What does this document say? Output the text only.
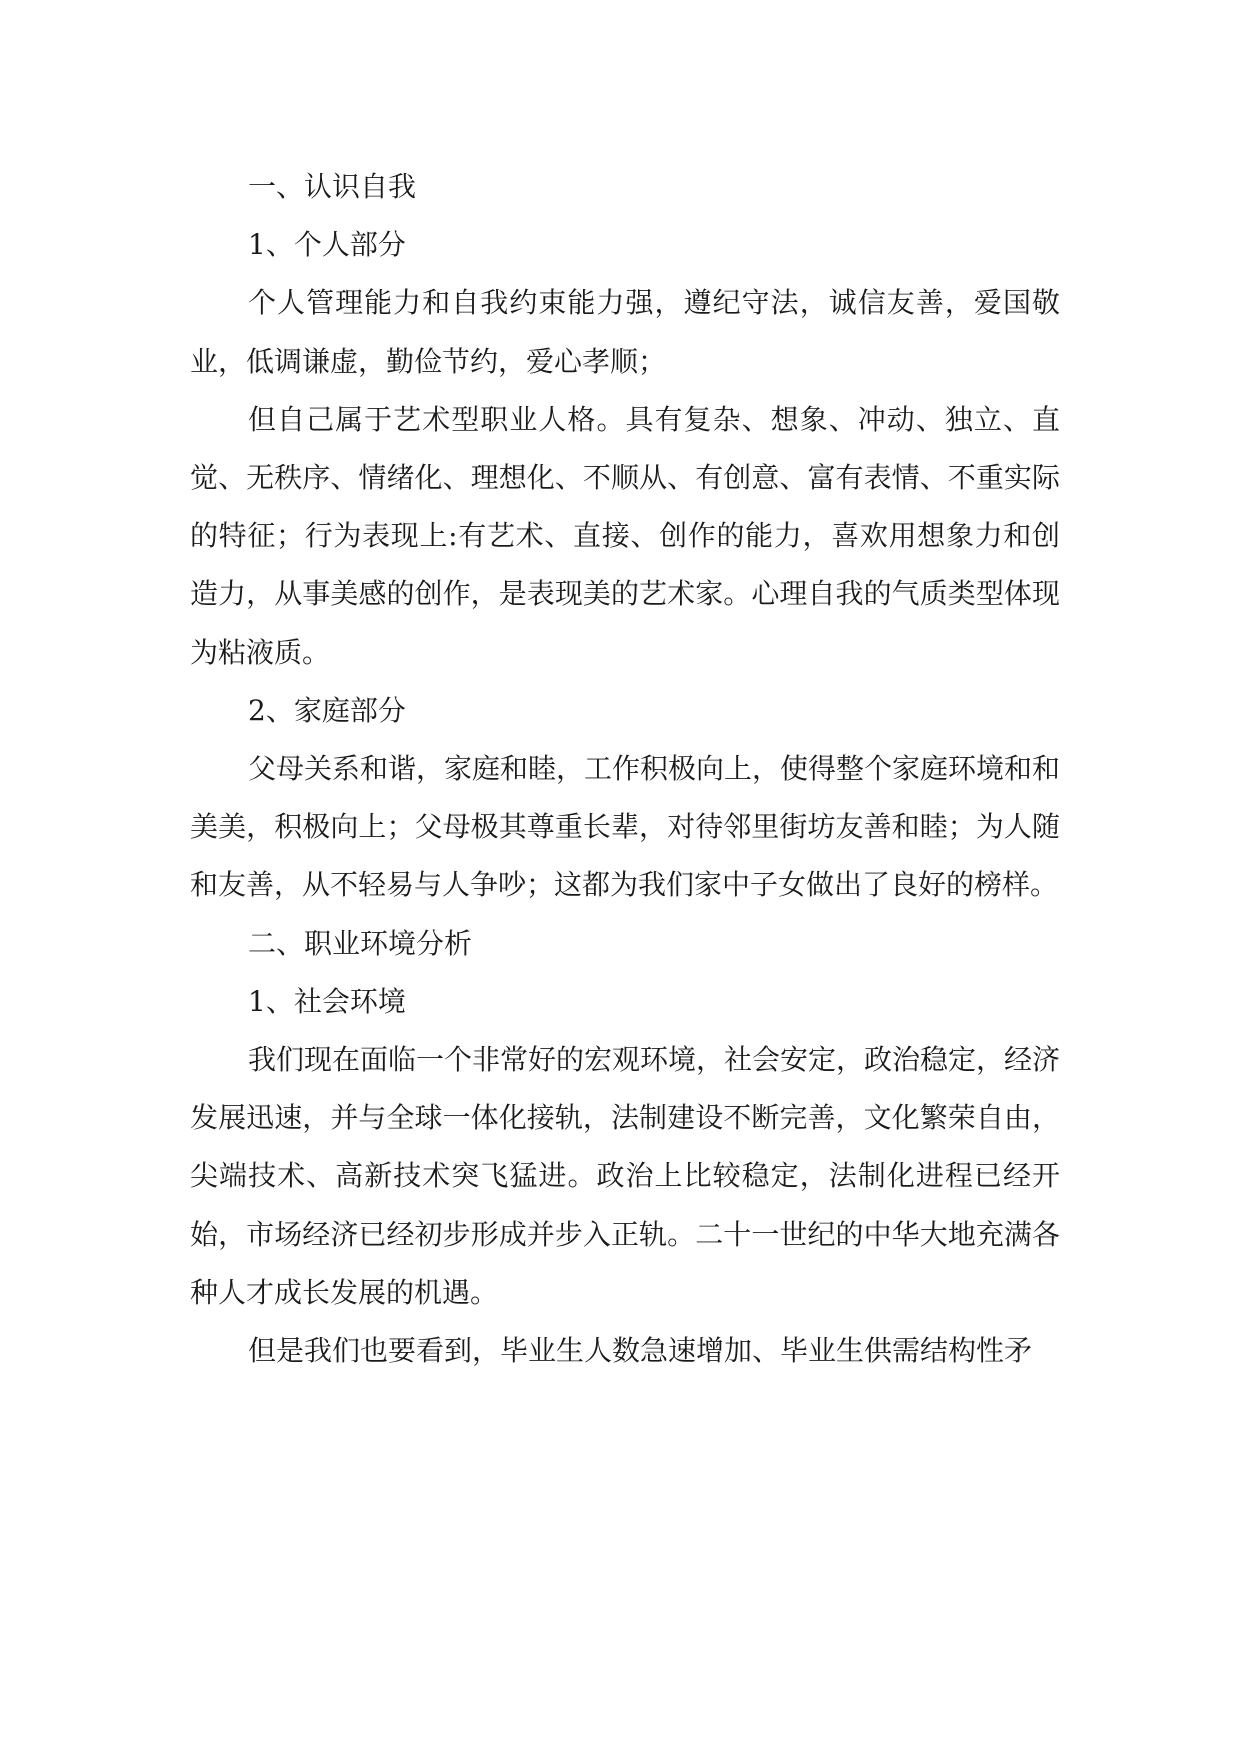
一、认识自我

1、个人部分

个人管理能力和自我约束能力强，遵纪守法，诚信友善，爱国敬业，低调谦虚，勤俭节约，爱心孝顺；

但自己属于艺术型职业人格。具有复杂、想象、冲动、独立、直觉、无秩序、情绪化、理想化、不顺从、有创意、富有表情、不重实际的特征；行为表现上:有艺术、直接、创作的能力，喜欢用想象力和创造力，从事美感的创作，是表现美的艺术家。心理自我的气质类型体现为粘液质。

2、家庭部分

父母关系和谐，家庭和睦，工作积极向上，使得整个家庭环境和和美美，积极向上；父母极其尊重长辈，对待邻里街坊友善和睦；为人随和友善，从不轻易与人争吵；这都为我们家中子女做出了良好的榜样。

二、职业环境分析

1、社会环境

我们现在面临一个非常好的宏观环境，社会安定，政治稳定，经济发展迅速，并与全球一体化接轨，法制建设不断完善，文化繁荣自由，尖端技术、高新技术突飞猛进。政治上比较稳定，法制化进程已经开始，市场经济已经初步形成并步入正轨。二十一世纪的中华大地充满各种人才成长发展的机遇。

但是我们也要看到，毕业生人数急速增加、毕业生供需结构性矛
